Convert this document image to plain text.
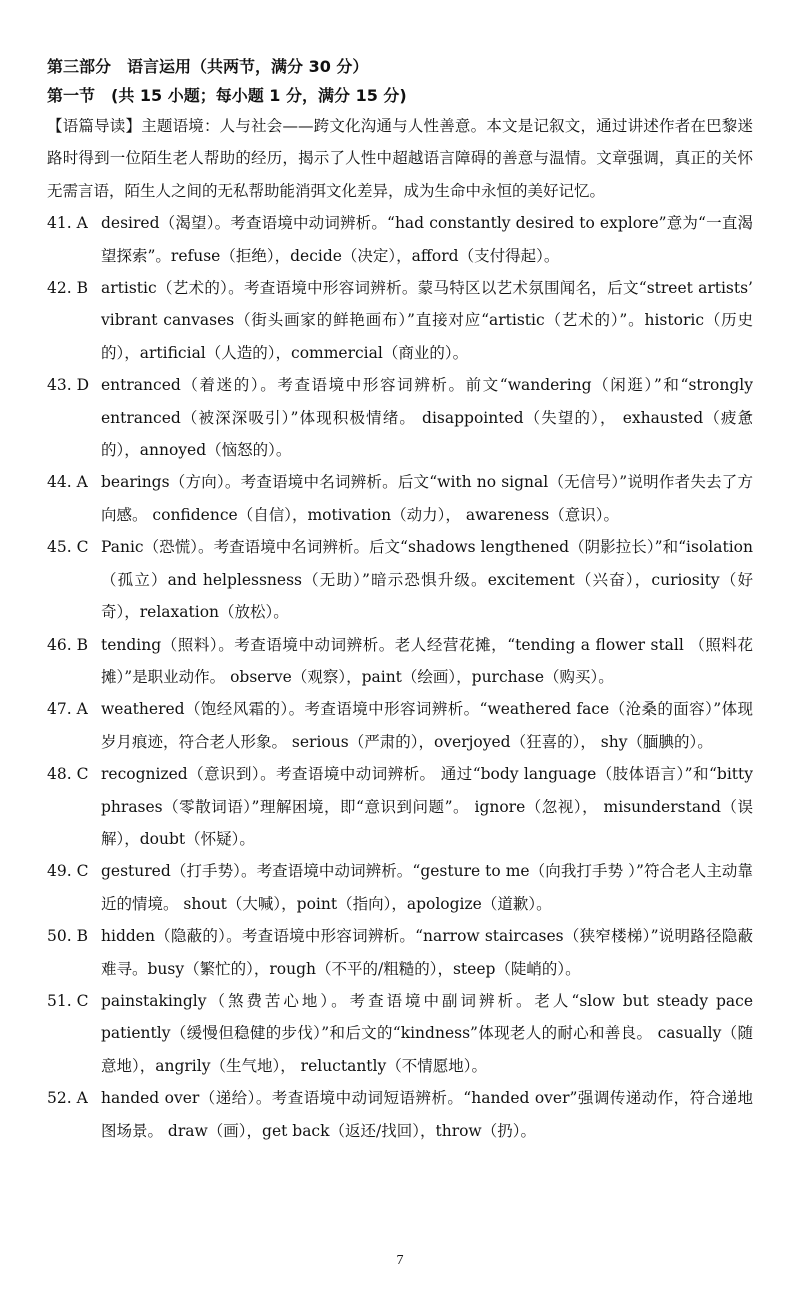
第三部分　语言运用（共两节，满分 30 分）
第一节　(共 15 小题；每小题 1 分，满分 15 分)
【语篇导读】主题语境：人与社会——跨文化沟通与人性善意。本文是记叙文，通过讲述作者在巴黎迷路时得到一位陌生老人帮助的经历，揭示了人性中超越语言障碍的善意与温情。文章强调，真正的关怀无需言语，陌生人之间的无私帮助能消弭文化差异，成为生命中永恒的美好记忆。
41. A desired（渴望）。考查语境中动词辨析。“had constantly desired to explore”意为“一直渴望探索”。refuse（拒绝），decide（决定），afford（支付得起）。
42. B artistic（艺术的）。考查语境中形容词辨析。蒙马特区以艺术氛围闻名，后文“street artists’ vibrant canvases（街头画家的鲜艳画布）”直接对应“artistic（艺术的）”。historic（历史的），artificial（人造的），commercial（商业的）。
43. D entranced（着迷的）。考查语境中形容词辨析。前文“wandering（闲逛）”和“strongly entranced（被深深吸引）”体现积极情绪。 disappointed（失望的）， exhausted（疲惫的），annoyed（恼怒的）。
44. A bearings（方向）。考查语境中名词辨析。后文“with no signal（无信号）”说明作者失去了方向感。 confidence（自信），motivation（动力）， awareness（意识）。
45. C Panic（恐慌）。考查语境中名词辨析。后文“shadows lengthened（阴影拉长）”和“isolation（孤立）and helplessness（无助）”暗示恐惧升级。excitement（兴奋），curiosity（好奇），relaxation（放松）。
46. B tending（照料）。考查语境中动词辨析。老人经营花摊，“tending a flower stall （照料花摊）”是职业动作。 observe（观察），paint（绘画），purchase（购买）。
47. A weathered（饱经风霜的）。考查语境中形容词辨析。“weathered face（沧桑的面容）”体现岁月痕迹，符合老人形象。 serious（严肃的），overjoyed（狂喜的）， shy（腼腆的）。
48. C recognized（意识到）。考查语境中动词辨析。 通过“body language（肢体语言）”和“bitty phrases（零散词语）”理解困境，即“意识到问题”。 ignore（忽视）， misunderstand（误解），doubt（怀疑）。
49. C gestured（打手势）。考查语境中动词辨析。“gesture to me（向我打手势 ）”符合老人主动靠近的情境。 shout（大喊），point（指向），apologize（道歉）。
50. B hidden（隐蔽的）。考查语境中形容词辨析。“narrow staircases（狭窄楼梯）”说明路径隐蔽难寻。busy（繁忙的），rough（不平的/粗糙的），steep（陡峭的）。
51. C painstakingly（煞费苦心地）。考查语境中副词辨析。老人“slow but steady pace patiently（缓慢但稳健的步伐）”和后文的“kindness”体现老人的耐心和善良。 casually（随意地），angrily（生气地）， reluctantly（不情愿地）。
52. A handed over（递给）。考查语境中动词短语辨析。“handed over”强调传递动作，符合递地图场景。 draw（画），get back（返还/找回），throw（扔）。
7
